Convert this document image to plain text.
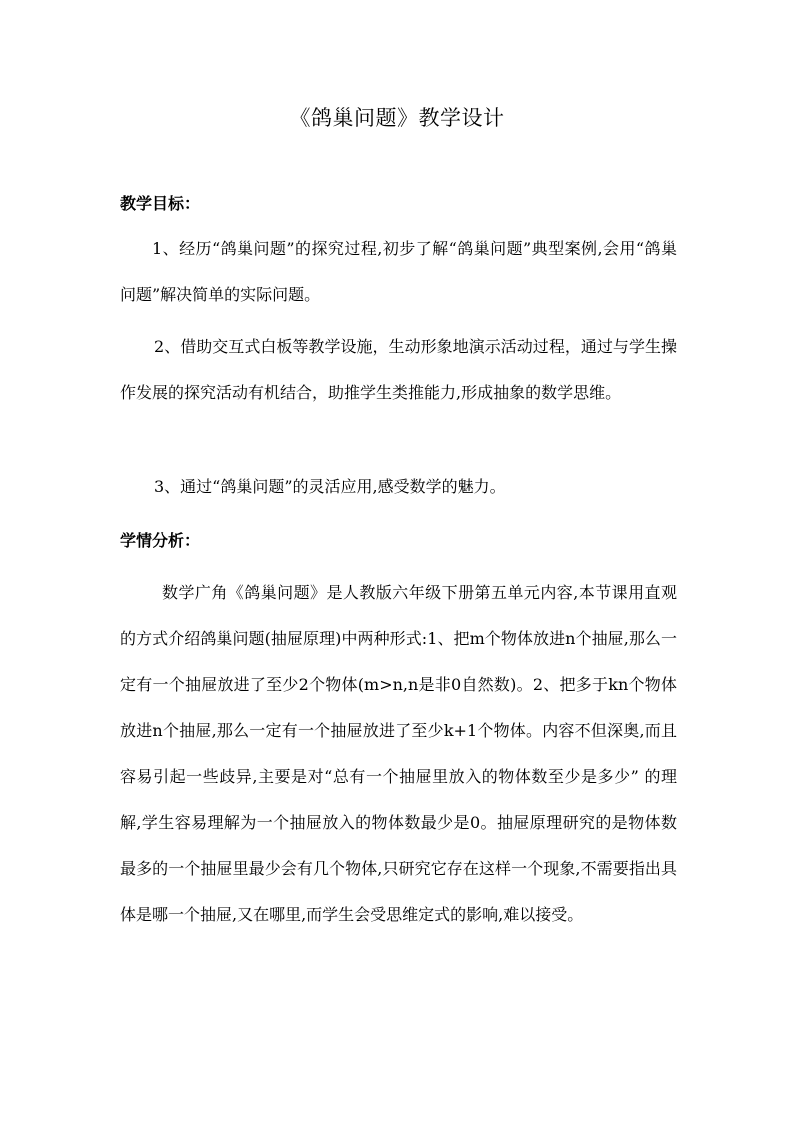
《鸽巢问题》教学设计
教学目标：
1、经历“鸽巢问题”的探究过程,初步了解“鸽巢问题”典型案例,会用“鸽巢问题”解决简单的实际问题。
2、借助交互式白板等教学设施，生动形象地演示活动过程，通过与学生操作发展的探究活动有机结合，助推学生类推能力,形成抽象的数学思维。
3、通过“鸽巢问题”的灵活应用,感受数学的魅力。
学情分析：
数学广角《鸽巢问题》是人教版六年级下册第五单元内容,本节课用直观的方式介绍鸽巢问题(抽屉原理)中两种形式:1、把m个物体放进n个抽屉,那么一定有一个抽屉放进了至少2个物体(m>n,n是非0自然数)。2、把多于kn个物体放进n个抽屉,那么一定有一个抽屉放进了至少k+1个物体。内容不但深奥,而且容易引起一些歧异,主要是对“总有一个抽屉里放入的物体数至少是多少” 的理解,学生容易理解为一个抽屉放入的物体数最少是0。抽屉原理研究的是物体数最多的一个抽屉里最少会有几个物体,只研究它存在这样一个现象,不需要指出具体是哪一个抽屉,又在哪里,而学生会受思维定式的影响,难以接受。
